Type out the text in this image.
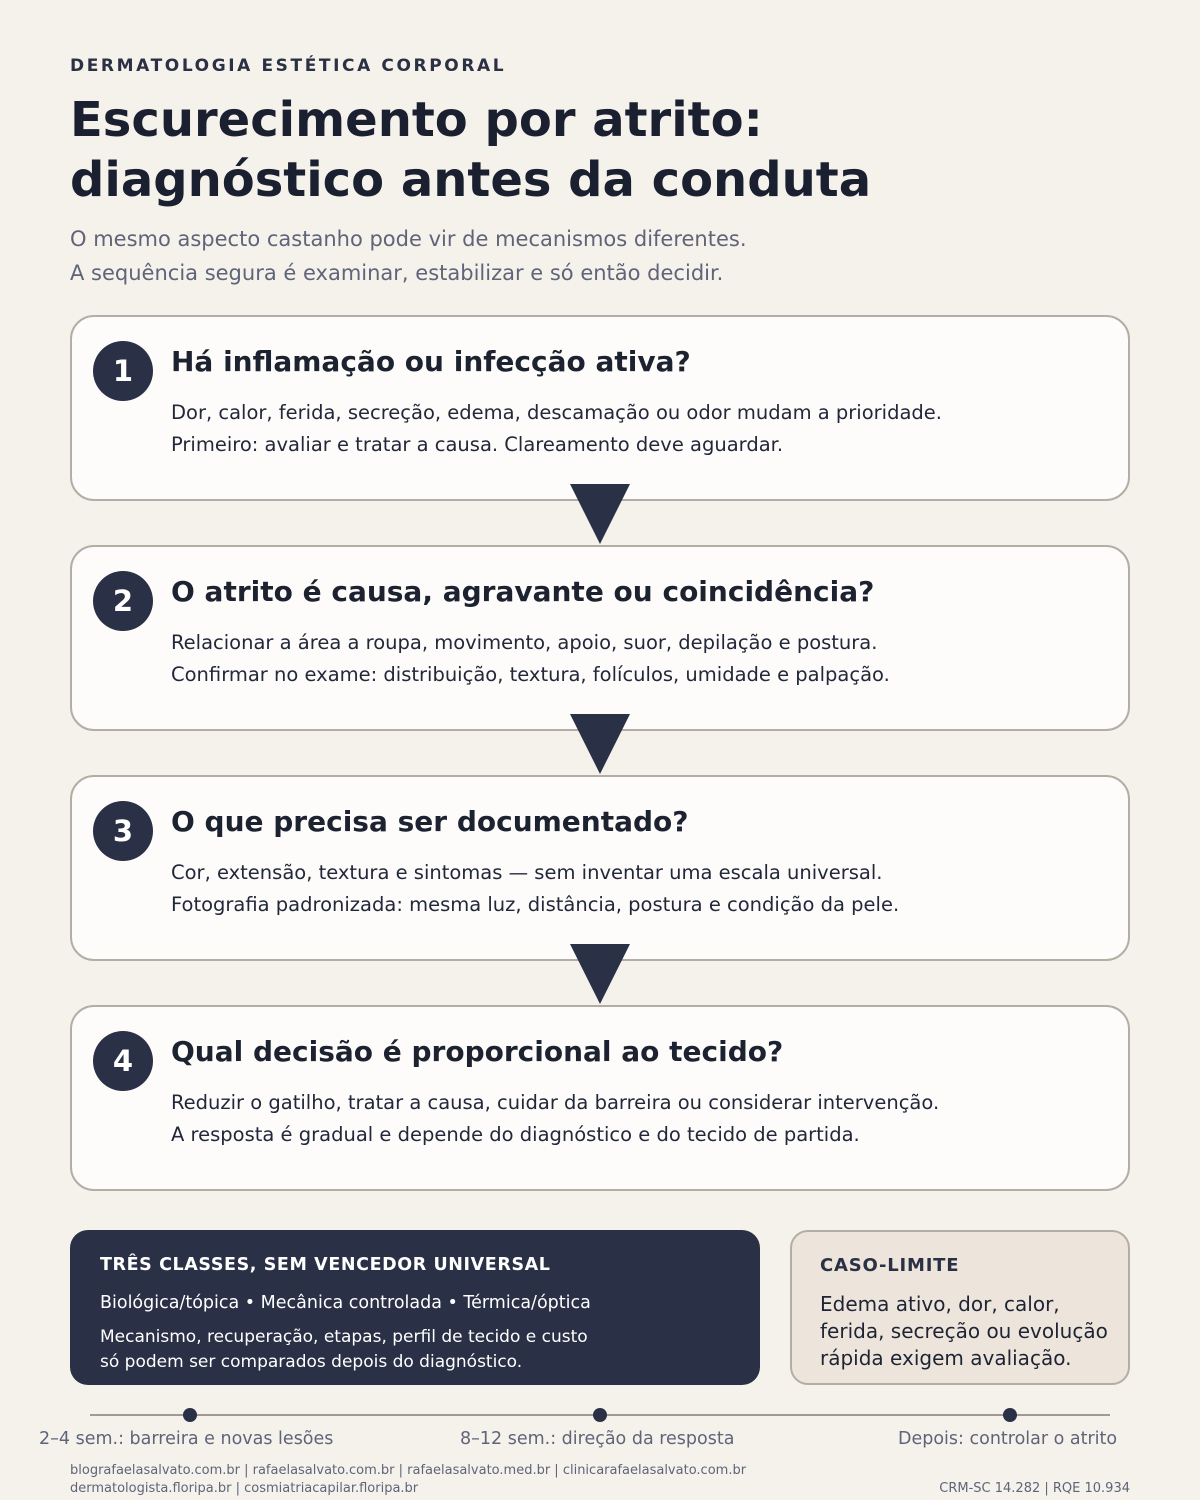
DERMATOLOGIA ESTÉTICA CORPORAL
Escurecimento por atrito:
diagnóstico antes da conduta
O mesmo aspecto castanho pode vir de mecanismos diferentes.
A sequência segura é examinar, estabilizar e só então decidir.
1	Há inflamação ou infecção ativa?
Dor, calor, ferida, secreção, edema, descamação ou odor mudam a prioridade.
Primeiro: avaliar e tratar a causa. Clareamento deve aguardar.
2	O atrito é causa, agravante ou coincidência?
Relacionar a área a roupa, movimento, apoio, suor, depilação e postura.
Confirmar no exame: distribuição, textura, folículos, umidade e palpação.
3	O que precisa ser documentado?
Cor, extensão, textura e sintomas — sem inventar uma escala universal.
Fotografia padronizada: mesma luz, distância, postura e condição da pele.
4	Qual decisão é proporcional ao tecido?
Reduzir o gatilho, tratar a causa, cuidar da barreira ou considerar intervenção.
A resposta é gradual e depende do diagnóstico e do tecido de partida.
TRÊS CLASSES, SEM VENCEDOR UNIVERSAL
Biológica/tópica • Mecânica controlada • Térmica/óptica
Mecanismo, recuperação, etapas, perfil de tecido e custo
só podem ser comparados depois do diagnóstico.
CASO-LIMITE
Edema ativo, dor, calor,
ferida, secreção ou evolução
rápida exigem avaliação.
2–4 sem.: barreira e novas lesões	8–12 sem.: direção da resposta	Depois: controlar o atrito
blografaelasalvato.com.br | rafaelasalvato.com.br | rafaelasalvato.med.br | clinicarafaelasalvato.com.br
dermatologista.floripa.br | cosmiatriacapilar.floripa.br	CRM-SC 14.282 | RQE 10.934
